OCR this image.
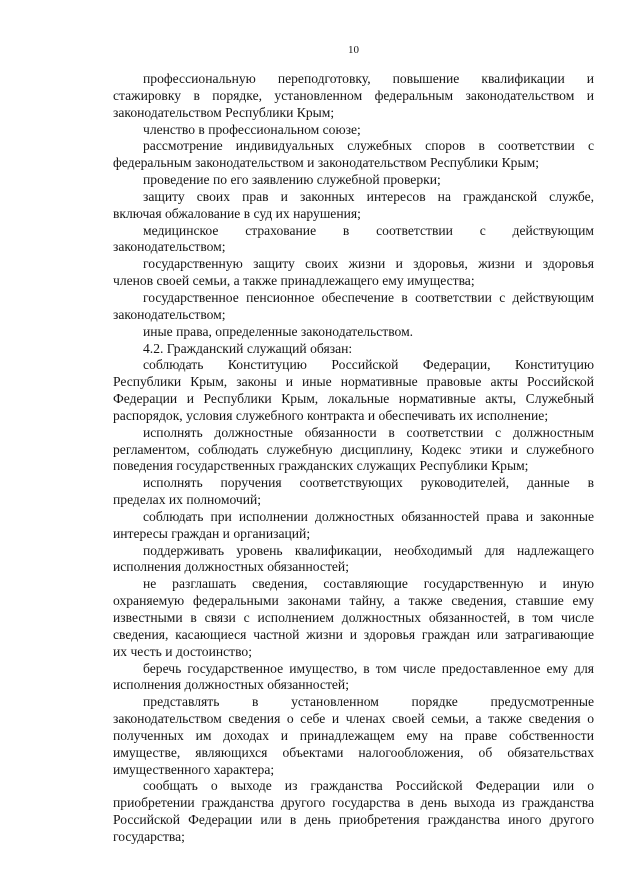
10
профессиональную переподготовку, повышение квалификации и
стажировку в порядке, установленном федеральным законодательством и
законодательством Республики Крым;
членство в профессиональном союзе;
рассмотрение индивидуальных служебных споров в соответствии с
федеральным законодательством и законодательством Республики Крым;
проведение по его заявлению служебной проверки;
защиту своих прав и законных интересов на гражданской службе,
включая обжалование в суд их нарушения;
медицинское страхование в соответствии с действующим
законодательством;
государственную защиту своих жизни и здоровья, жизни и здоровья
членов своей семьи, а также принадлежащего ему имущества;
государственное пенсионное обеспечение в соответствии с действующим
законодательством;
иные права, определенные законодательством.
4.2. Гражданский служащий обязан:
соблюдать Конституцию Российской Федерации, Конституцию
Республики Крым, законы и иные нормативные правовые акты Российской
Федерации и Республики Крым, локальные нормативные акты, Служебный
распорядок, условия служебного контракта и обеспечивать их исполнение;
исполнять должностные обязанности в соответствии с должностным
регламентом, соблюдать служебную дисциплину, Кодекс этики и служебного
поведения государственных гражданских служащих Республики Крым;
исполнять поручения соответствующих руководителей, данные в
пределах их полномочий;
соблюдать при исполнении должностных обязанностей права и законные
интересы граждан и организаций;
поддерживать уровень квалификации, необходимый для надлежащего
исполнения должностных обязанностей;
не разглашать сведения, составляющие государственную и иную
охраняемую федеральными законами тайну, а также сведения, ставшие ему
известными в связи с исполнением должностных обязанностей, в том числе
сведения, касающиеся частной жизни и здоровья граждан или затрагивающие
их честь и достоинство;
беречь государственное имущество, в том числе предоставленное ему для
исполнения должностных обязанностей;
представлять в установленном порядке предусмотренные
законодательством сведения о себе и членах своей семьи, а также сведения о
полученных им доходах и принадлежащем ему на праве собственности
имуществе, являющихся объектами налогообложения, об обязательствах
имущественного характера;
сообщать о выходе из гражданства Российской Федерации или о
приобретении гражданства другого государства в день выхода из гражданства
Российской Федерации или в день приобретения гражданства иного другого
государства;
